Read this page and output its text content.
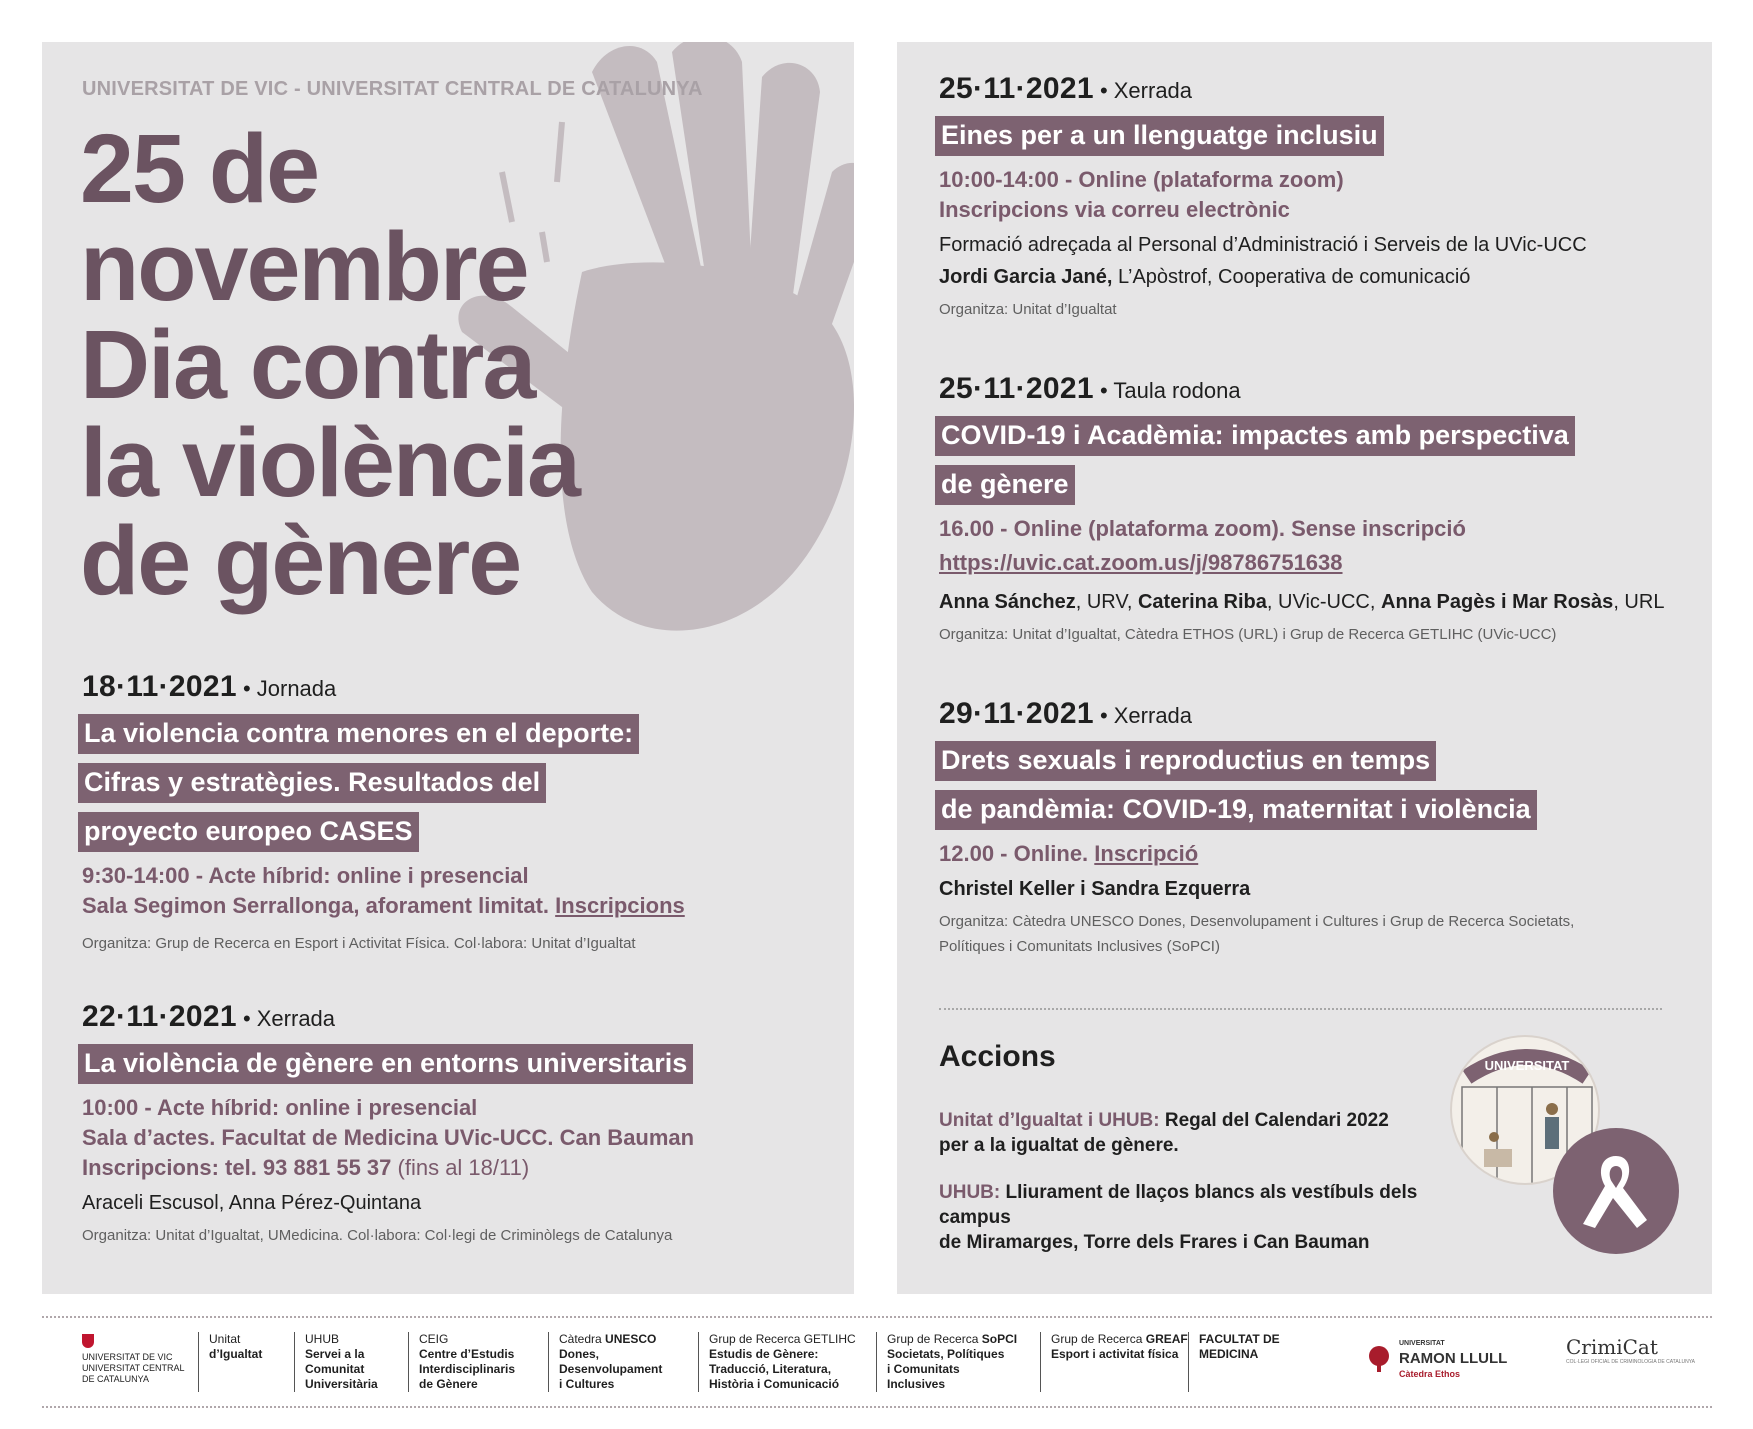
UNIVERSITAT DE VIC - UNIVERSITAT CENTRAL DE CATALUNYA
25 de
novembre
Dia contra
la violència
de gènere
18·11·2021 • Jornada
La violencia contra menores en el deporte:
Cifras y estratègies. Resultados del
proyecto europeo CASES
9:30-14:00 - Acte híbrid: online i presencial
Sala Segimon Serrallonga, aforament limitat. Inscripcions
Organitza: Grup de Recerca en Esport i Activitat Física. Col·labora: Unitat d’Igualtat
22·11·2021 • Xerrada
La violència de gènere en entorns universitaris
10:00 - Acte híbrid: online i presencial
Sala d’actes. Facultat de Medicina UVic-UCC. Can Bauman
Inscripcions: tel. 93 881 55 37 (fins al 18/11)
Araceli Escusol, Anna Pérez-Quintana
Organitza: Unitat d’Igualtat, UMedicina. Col·labora: Col·legi de Criminòlegs de Catalunya
25·11·2021 • Xerrada
Eines per a un llenguatge inclusiu
10:00-14:00 - Online (plataforma zoom)
Inscripcions via correu electrònic
Formació adreçada al Personal d’Administració i Serveis de la UVic-UCC
Jordi Garcia Jané, L’Apòstrof, Cooperativa de comunicació
Organitza: Unitat d’Igualtat
25·11·2021 • Taula rodona
COVID-19 i Acadèmia: impactes amb perspectiva
de gènere
16.00 - Online (plataforma zoom). Sense inscripció
https://uvic.cat.zoom.us/j/98786751638
Anna Sánchez, URV, Caterina Riba, UVic-UCC, Anna Pagès i Mar Rosàs, URL
Organitza: Unitat d’Igualtat, Càtedra ETHOS (URL) i Grup de Recerca GETLIHC (UVic-UCC)
29·11·2021 • Xerrada
Drets sexuals i reproductius en temps
de pandèmia: COVID-19, maternitat i violència
12.00 - Online. Inscripció
Christel Keller i Sandra Ezquerra
Organitza: Càtedra UNESCO Dones, Desenvolupament i Cultures i Grup de Recerca Societats,
Polítiques i Comunitats Inclusives (SoPCI)
Accions
Unitat d’Igualtat i UHUB: Regal del Calendari 2022
per a la igualtat de gènere.
UHUB: Lliurament de llaços blancs als vestíbuls dels campus
de Miramarges, Torre dels Frares i Can Bauman
UNIVERSITAT
UNIVERSITAT DE VIC
UNIVERSITAT CENTRAL
DE CATALUNYA
Unitat
d’Igualtat
UHUB
Servei a la
Comunitat
Universitària
CEIG
Centre d’Estudis
Interdisciplinaris
de Gènere
Càtedra UNESCO
Dones,
Desenvolupament
i Cultures
Grup de Recerca GETLIHC
Estudis de Gènere:
Traducció, Literatura,
Història i Comunicació
Grup de Recerca SoPCI
Societats, Polítiques
i Comunitats
Inclusives
Grup de Recerca GREAF
Esport i activitat física
FACULTAT DE
MEDICINA
UNIVERSITAT
RAMON LLULL
Càtedra Ethos
CrimiCat
COL·LEGI OFICIAL DE CRIMINOLOGIA DE CATALUNYA
